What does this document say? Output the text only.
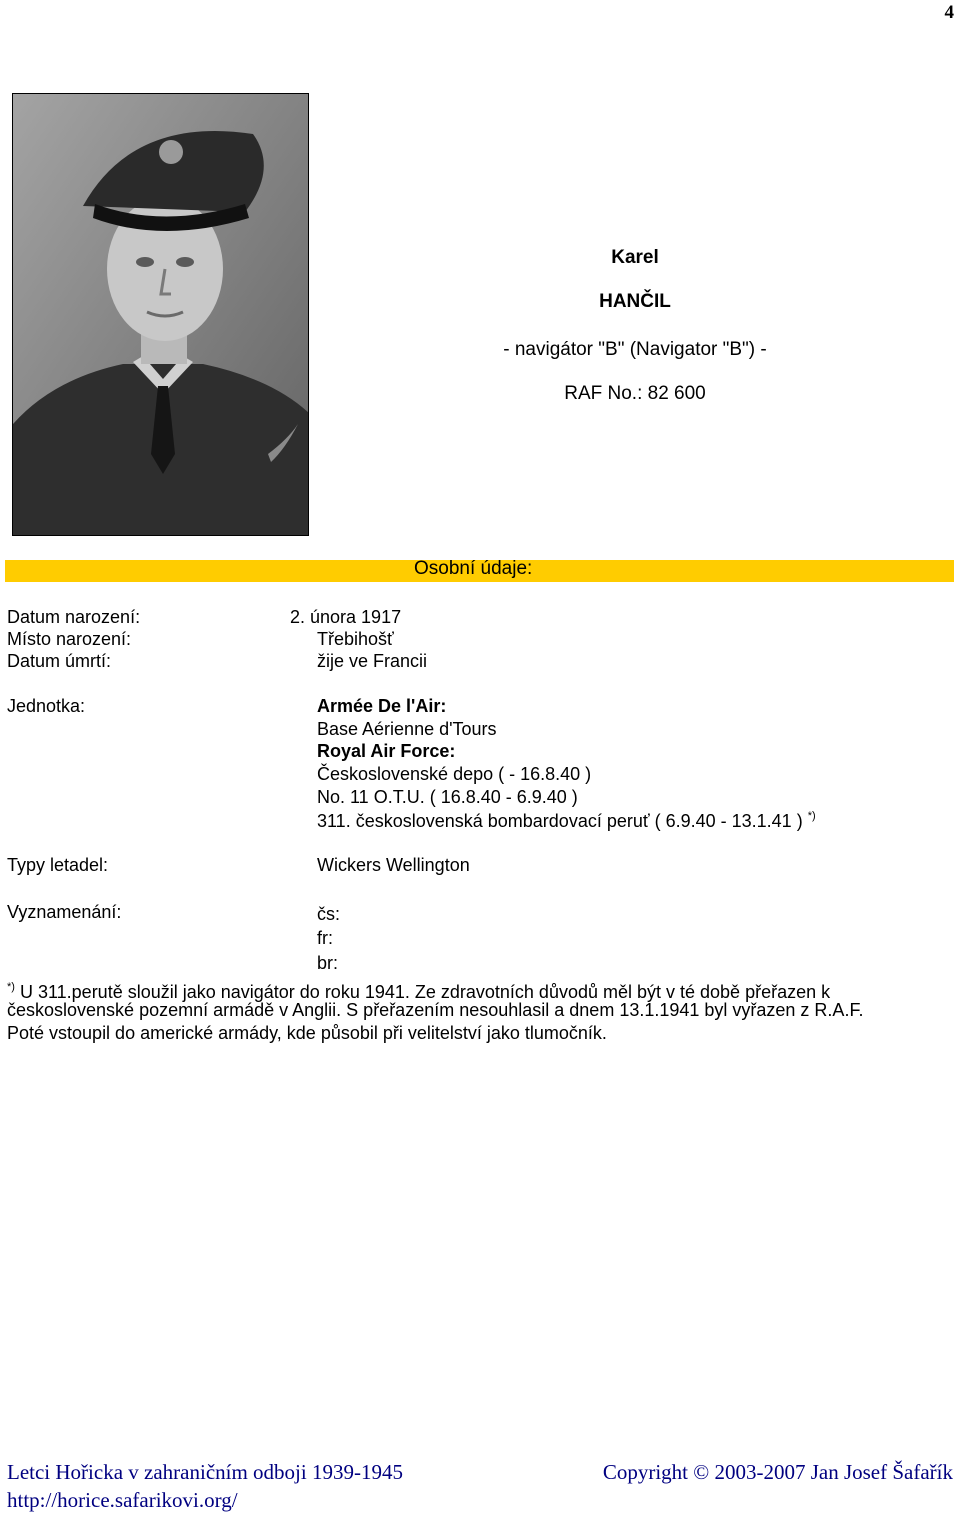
4
Karel
HANČIL
- navigátor "B" (Navigator "B") -
RAF No.: 82 600
Osobní údaje:
Datum narození:	2. února 1917
Místo narození:	Třebihošť
Datum úmrtí:	žije ve Francii
Jednotka:	Armée De l'Air:
Base Aérienne d'Tours
Royal Air Force:
Československé depo ( - 16.8.40 )
No. 11 O.T.U. ( 16.8.40 - 6.9.40 )
311. československá bombardovací peruť ( 6.9.40 - 13.1.41 ) *)
Typy letadel:	Wickers Wellington
Vyznamenání:	čs:
fr:
br:
*) U 311.perutě sloužil jako navigátor do roku 1941. Ze zdravotních důvodů měl být v té době přeřazen k
československé pozemní armádě v Anglii. S přeřazením nesouhlasil a dnem 13.1.1941 byl vyřazen z R.A.F.
Poté vstoupil do americké armády, kde působil při velitelství jako tlumočník.
Letci Hořicka v zahraničním odboji 1939-1945
http://horice.safarikovi.org/
Copyright © 2003-2007 Jan Josef Šafařík
